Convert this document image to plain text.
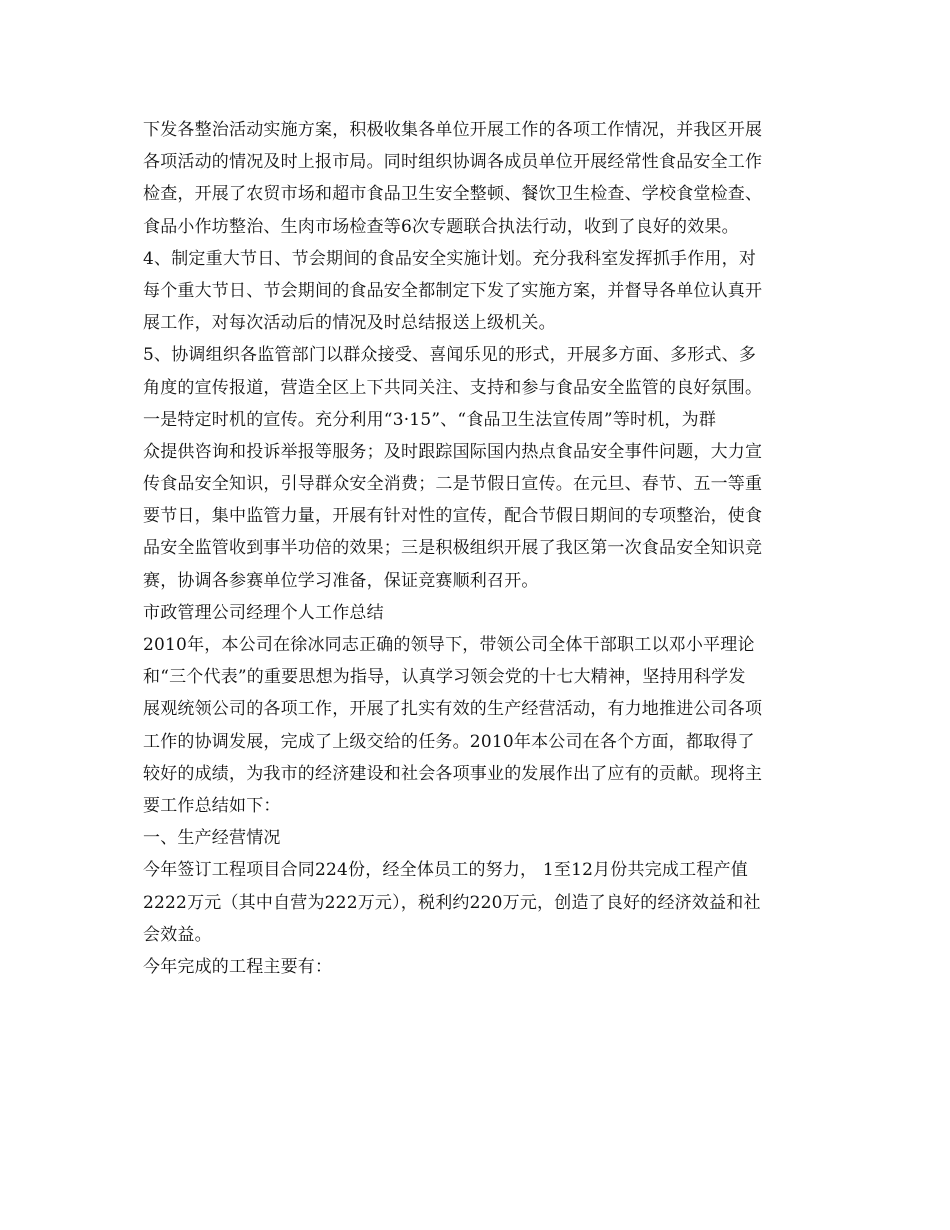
下发各整治活动实施方案，积极收集各单位开展工作的各项工作情况，并我区开展
各项活动的情况及时上报市局。同时组织协调各成员单位开展经常性食品安全工作
检查，开展了农贸市场和超市食品卫生安全整顿、餐饮卫生检查、学校食堂检查、
食品小作坊整治、生肉市场检查等6次专题联合执法行动，收到了良好的效果。
4、制定重大节日、节会期间的食品安全实施计划。充分我科室发挥抓手作用，对
每个重大节日、节会期间的食品安全都制定下发了实施方案，并督导各单位认真开
展工作，对每次活动后的情况及时总结报送上级机关。
5、协调组织各监管部门以群众接受、喜闻乐见的形式，开展多方面、多形式、多
角度的宣传报道，营造全区上下共同关注、支持和参与食品安全监管的良好氛围。
一是特定时机的宣传。充分利用“3·15”、“食品卫生法宣传周”等时机，为群
众提供咨询和投诉举报等服务；及时跟踪国际国内热点食品安全事件问题，大力宣
传食品安全知识，引导群众安全消费；二是节假日宣传。在元旦、春节、五一等重
要节日，集中监管力量，开展有针对性的宣传，配合节假日期间的专项整治，使食
品安全监管收到事半功倍的效果；三是积极组织开展了我区第一次食品安全知识竞
赛，协调各参赛单位学习准备，保证竞赛顺利召开。
市政管理公司经理个人工作总结
2010年，本公司在徐冰同志正确的领导下，带领公司全体干部职工以邓小平理论
和“三个代表”的重要思想为指导，认真学习领会党的十七大精神，坚持用科学发
展观统领公司的各项工作，开展了扎实有效的生产经营活动，有力地推进公司各项
工作的协调发展，完成了上级交给的任务。2010年本公司在各个方面，都取得了
较好的成绩，为我市的经济建设和社会各项事业的发展作出了应有的贡献。现将主
要工作总结如下：
一、生产经营情况
今年签订工程项目合同224份，经全体员工的努力， 1至12月份共完成工程产值
2222万元（其中自营为222万元），税利约220万元，创造了良好的经济效益和社
会效益。
今年完成的工程主要有：
